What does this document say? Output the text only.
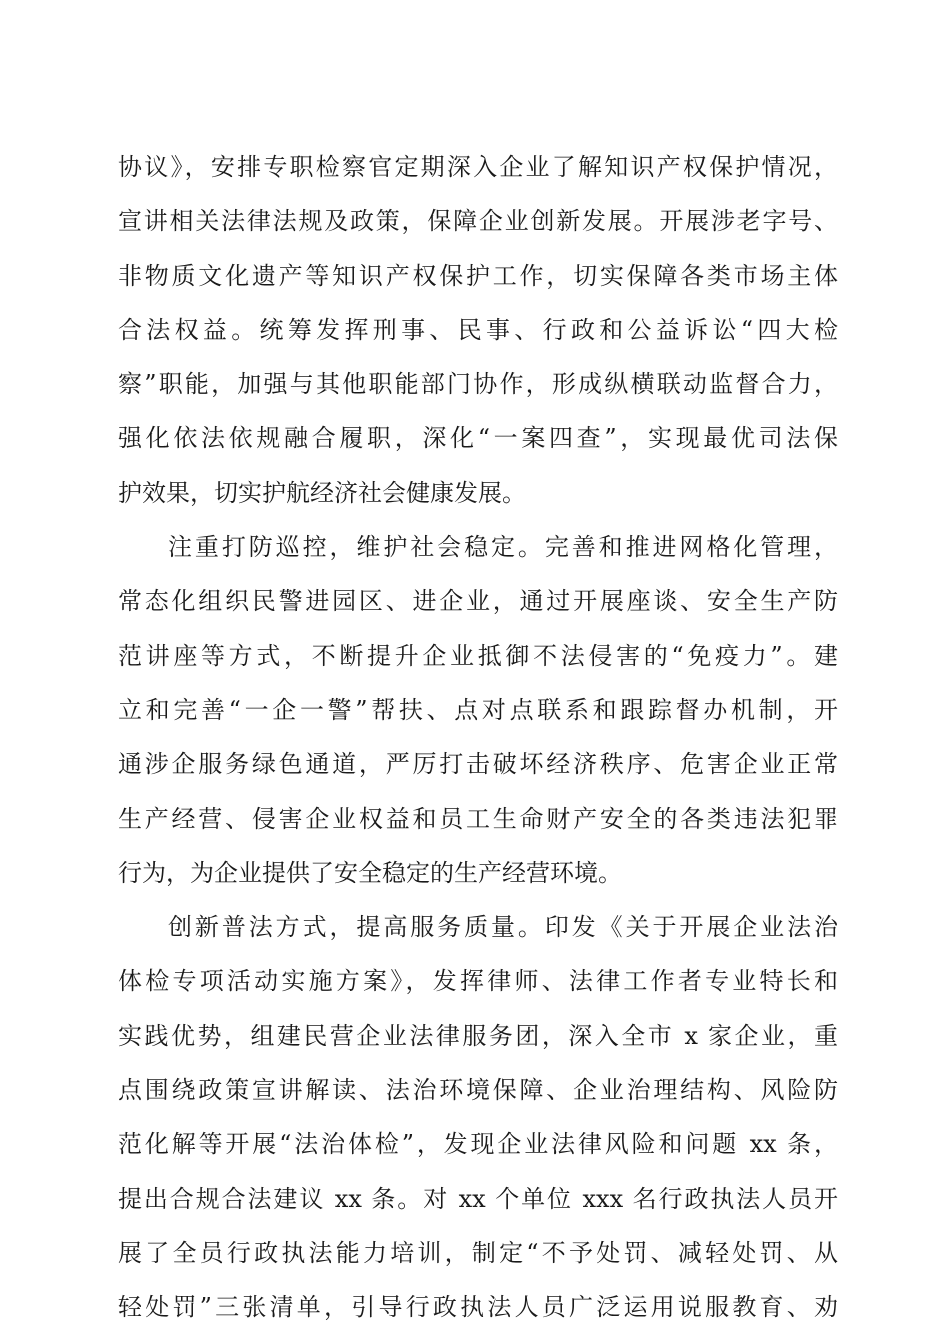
协议》，安排专职检察官定期深入企业了解知识产权保护情况，
宣讲相关法律法规及政策，保障企业创新发展。开展涉老字号、
非物质文化遗产等知识产权保护工作，切实保障各类市场主体
合法权益。统筹发挥刑事、民事、行政和公益诉讼“四大检
察”职能，加强与其他职能部门协作，形成纵横联动监督合力，
强化依法依规融合履职，深化“一案四查”，实现最优司法保
护效果，切实护航经济社会健康发展。
注重打防巡控，维护社会稳定。完善和推进网格化管理，
常态化组织民警进园区、进企业，通过开展座谈、安全生产防
范讲座等方式，不断提升企业抵御不法侵害的“免疫力”。建
立和完善“一企一警”帮扶、点对点联系和跟踪督办机制，开
通涉企服务绿色通道，严厉打击破坏经济秩序、危害企业正常
生产经营、侵害企业权益和员工生命财产安全的各类违法犯罪
行为，为企业提供了安全稳定的生产经营环境。
创新普法方式，提高服务质量。印发《关于开展企业法治
体检专项活动实施方案》，发挥律师、法律工作者专业特长和
实践优势，组建民营企业法律服务团，深入全市 x 家企业，重
点围绕政策宣讲解读、法治环境保障、企业治理结构、风险防
范化解等开展“法治体检”，发现企业法律风险和问题 xx 条，
提出合规合法建议 xx 条。对 xx 个单位 xxx 名行政执法人员开
展了全员行政执法能力培训，制定“不予处罚、减轻处罚、从
轻处罚”三张清单，引导行政执法人员广泛运用说服教育、劝
